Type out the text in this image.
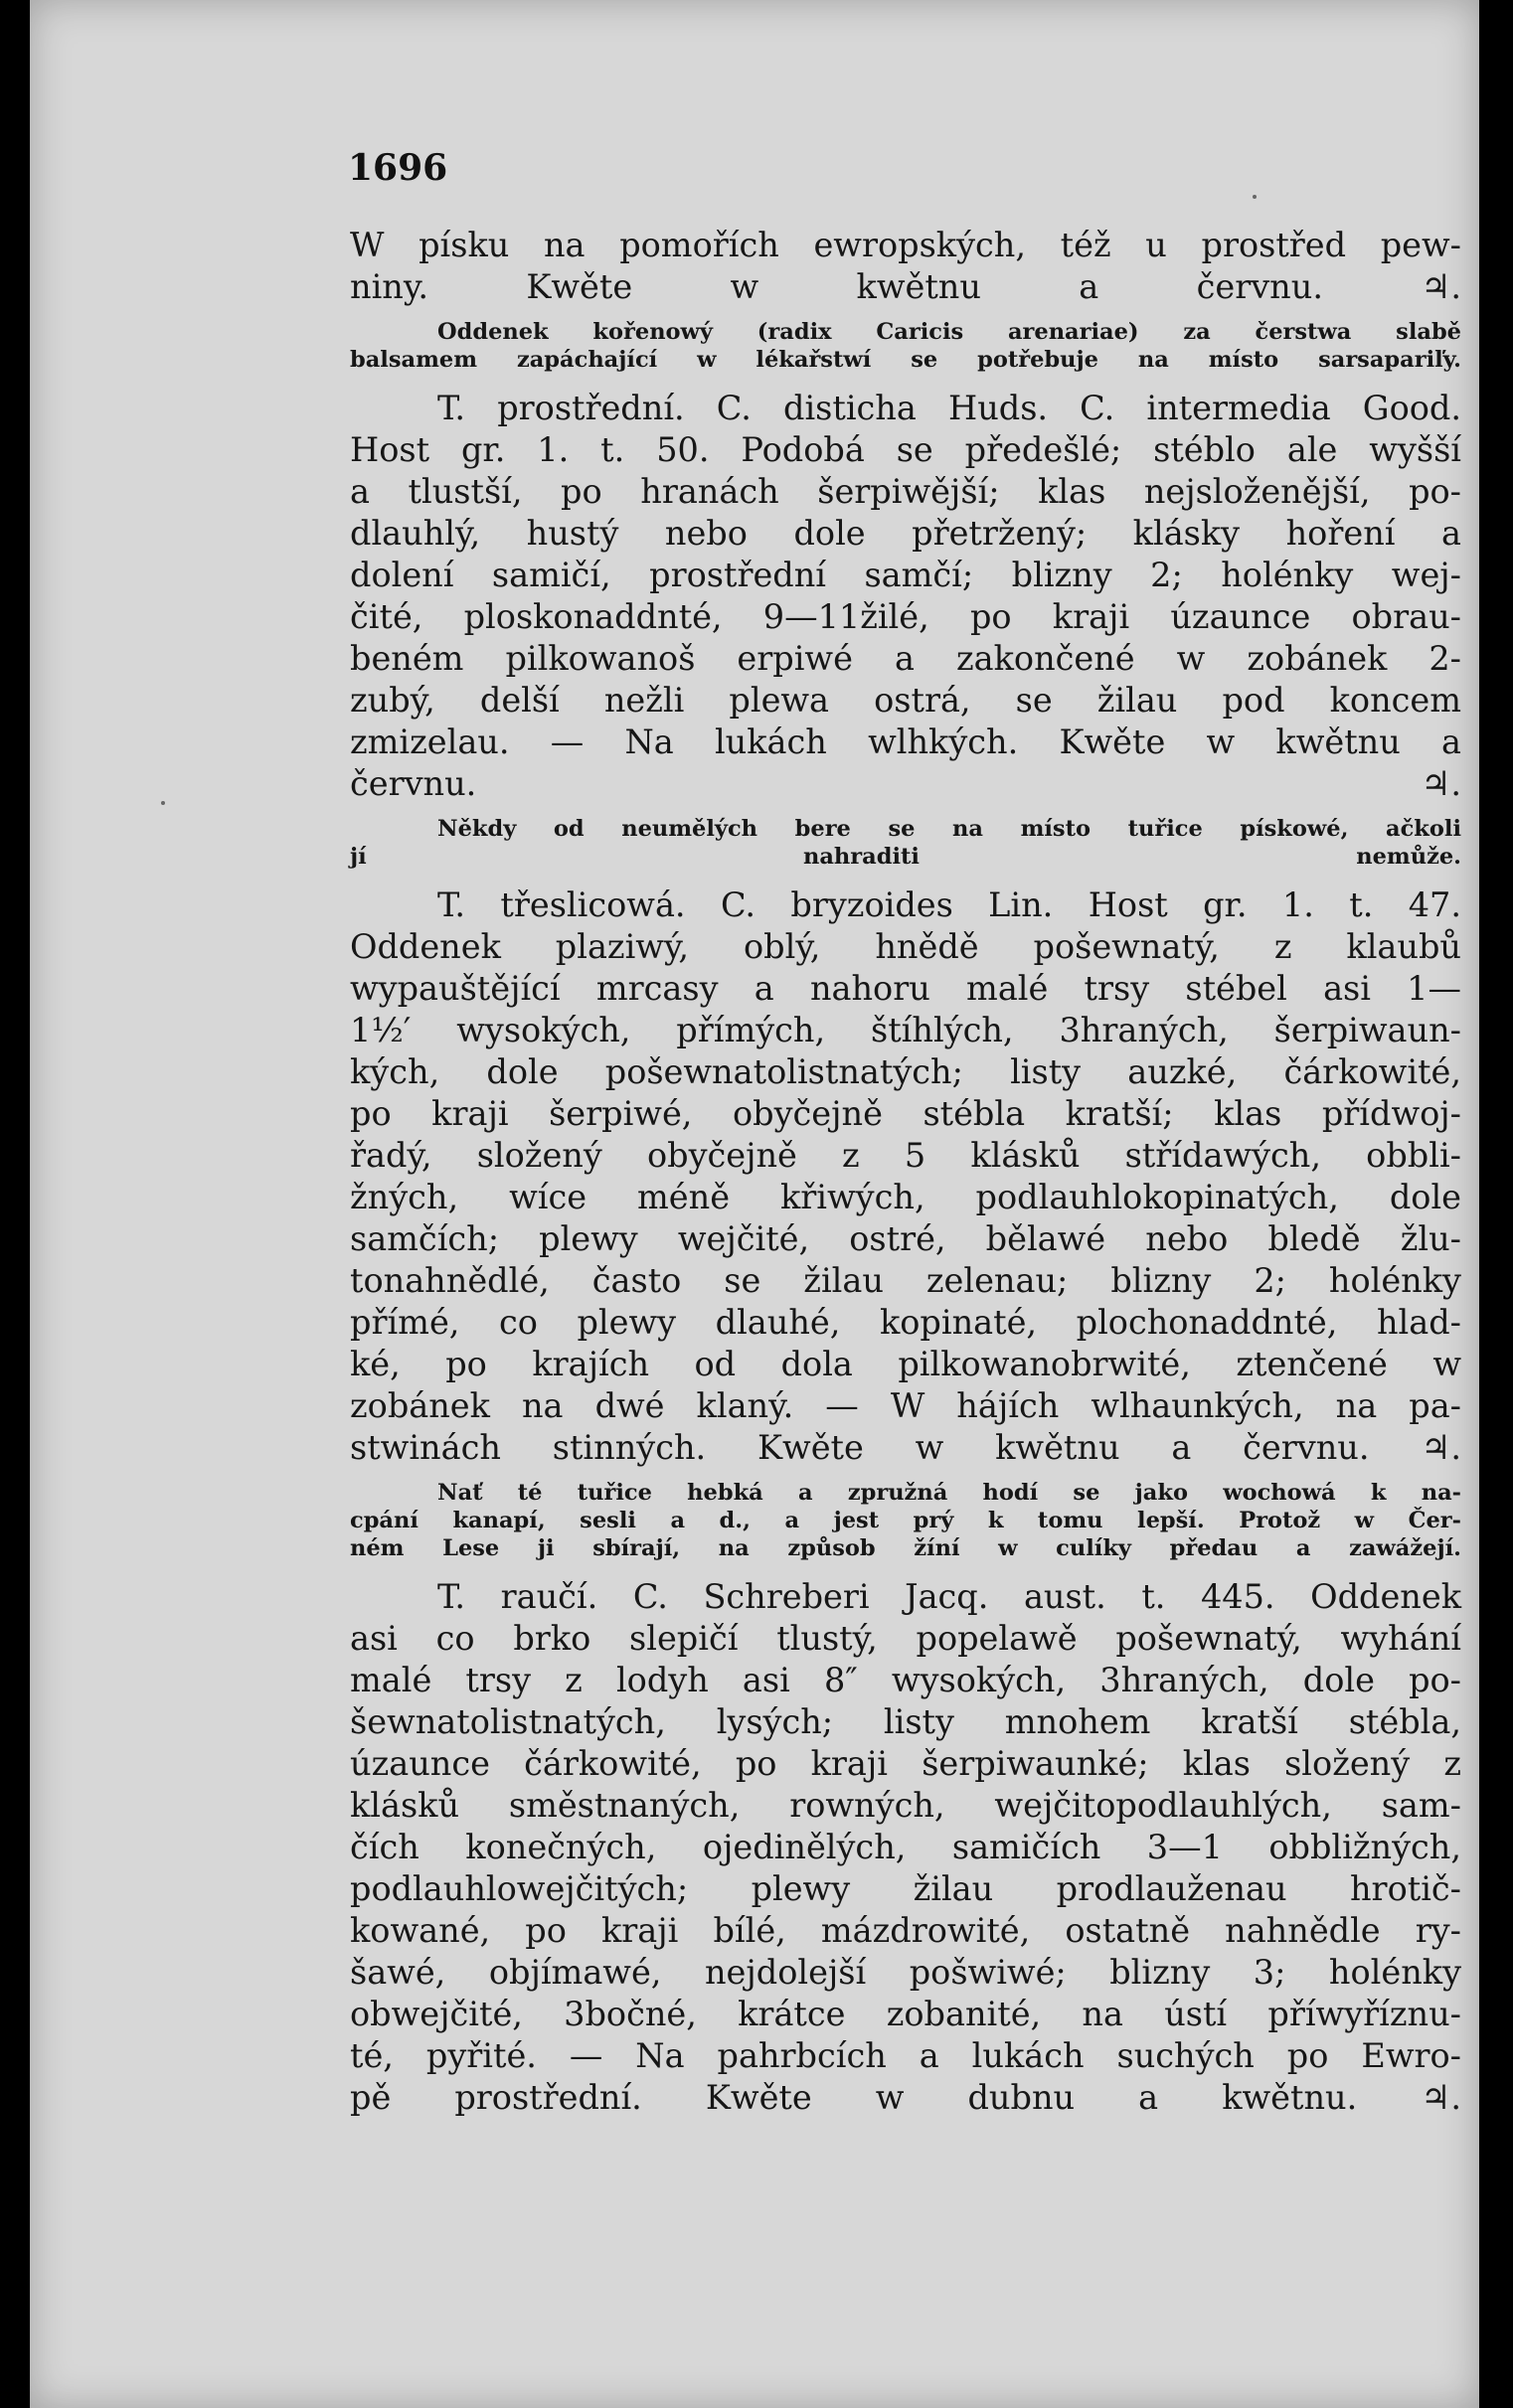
1696

W písku na pomořích ewropských, též u prostřed pew-
niny. Kwěte w kwětnu a červnu. ♃.

Oddenek kořenowý (radix Caricis arenariae) za čerstwa slabě
balsamem zapáchající w lékařstwí se potřebuje na místo sarsapariľy.

T. prostřední. C. disticha Huds. C. intermedia Good.
Host gr. 1. t. 50. Podobá se předešlé; stéblo ale wyšší
a tlustší, po hranách šerpiwější; klas nejsloženější, po-
dlauhlý, hustý nebo dole přetržený; klásky hoření a
dolení samičí, prostřední samčí; blizny 2; holénky wej-
čité, ploskonaddnté, 9—11žilé, po kraji úzaunce obrau-
beném pilkowanoš erpiwé a zakončené w zobánek 2-
zubý, delší nežli plewa ostrá, se žilau pod koncem
zmizelau. — Na lukách wlhkých. Kwěte w kwětnu a
červnu. ♃.

Někdy od neumělých bere se na místo tuřice pískowé, ačkoli
jí nahraditi nemůže.

T. třeslicowá. C. bryzoides Lin. Host gr. 1. t. 47.
Oddenek plaziwý, oblý, hnědě pošewnatý, z klaubů
wypauštějící mrcasy a nahoru malé trsy stébel asi 1—
1½′ wysokých, přímých, štíhlých, 3hraných, šerpiwaun-
kých, dole pošewnatolistnatých; listy auzké, čárkowité,
po kraji šerpiwé, obyčejně stébla kratší; klas přídwoj-
řadý, složený obyčejně z 5 klásků střídawých, obbli-
žných, wíce méně křiwých, podlauhlokopinatých, dole
samčích; plewy wejčité, ostré, bělawé nebo bledě žlu-
tonahnědlé, často se žilau zelenau; blizny 2; holénky
přímé, co plewy dlauhé, kopinaté, plochonaddnté, hlad-
ké, po krajích od dola pilkowanobrwité, ztenčené w
zobánek na dwé klaný. — W hájích wlhaunkých, na pa-
stwinách stinných. Kwěte w kwětnu a červnu. ♃.

Nať té tuřice hebká a zpružná hodí se jako wochowá k na-
cpání kanapí, sesli a d., a jest prý k tomu lepší. Protož w Čer-
ném Lese ji sbírají, na způsob žíní w culíky předau a zawážejí.

T. raučí. C. Schreberi Jacq. aust. t. 445. Oddenek
asi co brko slepičí tlustý, popelawě pošewnatý, wyhání
malé trsy z lodyh asi 8″ wysokých, 3hraných, dole po-
šewnatolistnatých, lysých; listy mnohem kratší stébla,
úzaunce čárkowité, po kraji šerpiwaunké; klas složený z
klásků směstnaných, rowných, wejčitopodlauhlých, sam-
čích konečných, ojedinělých, samičích 3—1 obbližných,
podlauhlowejčitých; plewy žilau prodlauženau hrotič-
kowané, po kraji bílé, mázdrowité, ostatně nahnědle ry-
šawé, objímawé, nejdolejší pošwiwé; blizny 3; holénky
obwejčité, 3bočné, krátce zobanité, na ústí příwyříznu-
té, pyřité. — Na pahrbcích a lukách suchých po Ewro-
pě prostřední. Kwěte w dubnu a kwětnu. ♃.
